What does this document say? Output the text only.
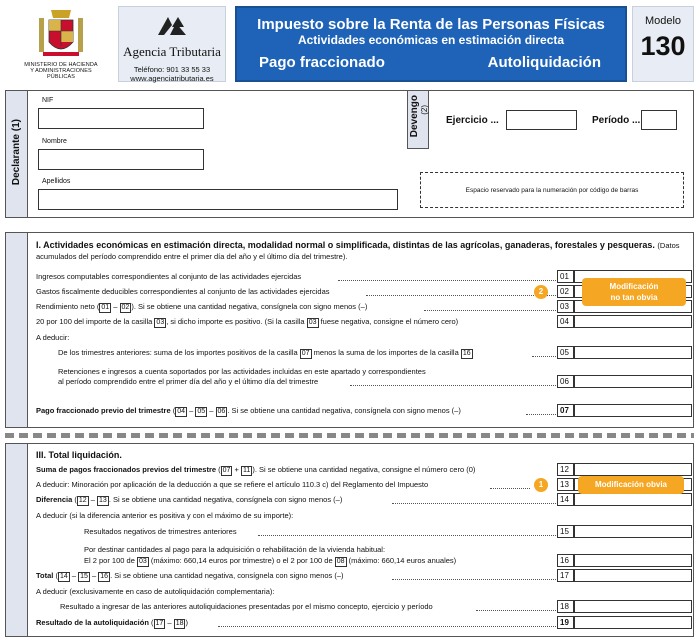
MINISTERIO DE HACIENDA
Y ADMINISTRACIONES
PÚBLICAS
Agencia Tributaria
Teléfono: 901 33 55 33
www.agenciatributaria.es
Impuesto sobre la Renta de las Personas Físicas
Actividades económicas en estimación directa
Pago fraccionado	Autoliquidación
Modelo
130
Declarante (1)
Devengo (2)
NIF
Nombre
Apellidos
Ejercicio ...	Período ...
Espacio reservado para la numeración por código de barras
I. Actividades económicas en estimación directa, modalidad normal o simplificada, distintas de las agrícolas, ganaderas, forestales y pesqueras. (Datos acumulados del período comprendido entre el primer día del año y el último día del trimestre).
Ingresos computables correspondientes al conjunto de las actividades ejercidas	01
Gastos fiscalmente deducibles correspondientes al conjunto de las actividades ejercidas	02
Rendimiento neto ( 01 – 02 ). Si se obtiene una cantidad negativa, consígnela con signo menos (–)	03
20 por 100 del importe de la casilla 03 , si dicho importe es positivo. (Si la casilla 03 fuese negativa, consigne el número cero)	04
A deducir:
De los trimestres anteriores: suma de los importes positivos de la casilla 07 menos la suma de los importes de la casilla 16	05
Retenciones e ingresos a cuenta soportados por las actividades incluidas en este apartado y correspondientes
al período comprendido entre el primer día del año y el último día del trimestre	06
Pago fraccionado previo del trimestre ( 04 – 05 – 06 . Si se obtiene una cantidad negativa, consígnela con signo menos (–)	07
2
Modificación
no tan obvia
III. Total liquidación.
Suma de pagos fraccionados previos del trimestre ( 07 + 11 ). Si se obtiene una cantidad negativa, consigne el número cero (0)	12
A deducir: Minoración por aplicación de la deducción a que se refiere el artículo 110.3 c) del Reglamento del Impuesto	13
Diferencia ( 12 – 13 . Si se obtiene una cantidad negativa, consígnela con signo menos (–)	14
A deducir (si la diferencia anterior es positiva y con el máximo de su importe):
Resultados negativos de trimestres anteriores	15
Por destinar cantidades al pago para la adquisición o rehabilitación de la vivienda habitual:
El 2 por 100 de 03 (máximo: 660,14 euros por trimestre) o el 2 por 100 de 08 (máximo: 660,14 euros anuales)	16
Total ( 14 – 15 – 16 . Si se obtiene una cantidad negativa, consígnela con signo menos (–)	17
A deducir (exclusivamente en caso de autoliquidación complementaria):
Resultado a ingresar de las anteriores autoliquidaciones presentadas por el mismo concepto, ejercicio y período	18
Resultado de la autoliquidación ( 17 – 18 )	19
1	Modificación obvia
